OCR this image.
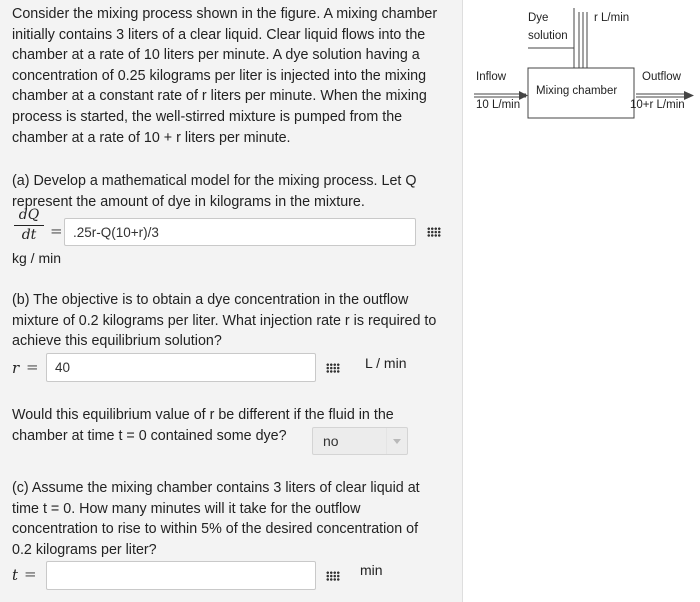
Consider the mixing process shown in the figure. A mixing chamber
initially contains 3 liters of a clear liquid. Clear liquid flows into the
chamber at a rate of 10 liters per minute. A dye solution having a
concentration of 0.25 kilograms per liter is injected into the mixing
chamber at a constant rate of r liters per minute. When the mixing
process is started, the well-stirred mixture is pumped from the
chamber at a rate of 10 + r liters per minute.

(a) Develop a mathematical model for the mixing process. Let Q
represent the amount of dye in kilograms in the mixture.

dQ
dt = .25r-Q(10+r)/3
kg / min

(b) The objective is to obtain a dye concentration in the outflow
mixture of 0.2 kilograms per liter. What injection rate r is required to
achieve this equilibrium solution?

r = 40	L / min

Would this equilibrium value of r be different if the fluid in the
chamber at time t = 0 contained some dye?	no

(c) Assume the mixing chamber contains 3 liters of clear liquid at
time t = 0. How many minutes will it take for the outflow
concentration to rise to within 5% of the desired concentration of
0.2 kilograms per liter?

t =	min
Dye
solution
r L/min
Inflow
10 L/min
Mixing chamber
Outflow
10+r L/min
